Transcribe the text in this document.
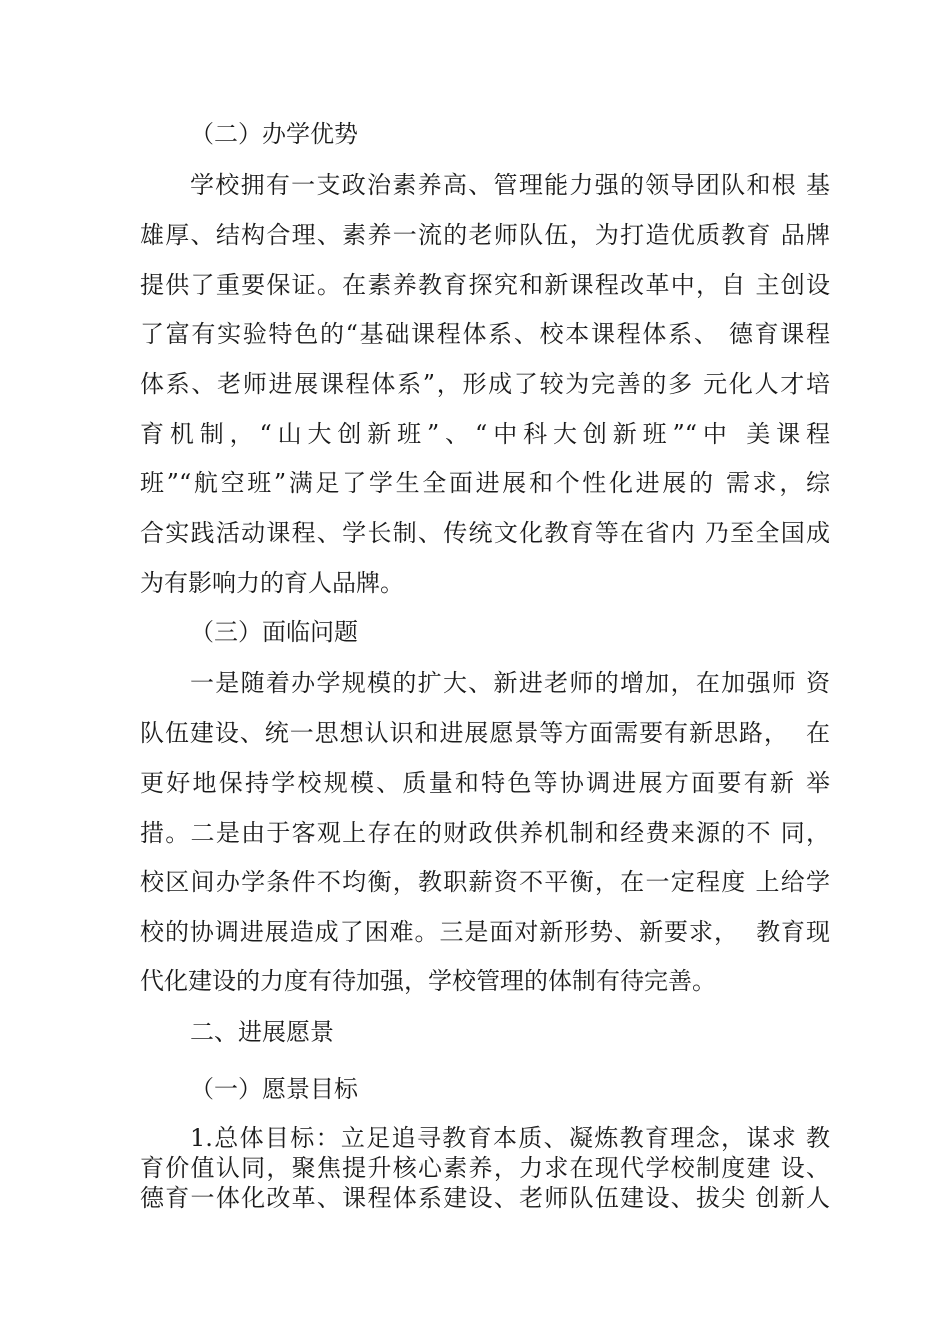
（二）办学优势

学校拥有一支政治素养高、管理能力强的领导团队和根 基

雄厚、结构合理、素养一流的老师队伍，为打造优质教育 品牌

提供了重要保证。在素养教育探究和新课程改革中，自 主创设

了富有实验特色的“基础课程体系、校本课程体系、 德育课程

体系、老师进展课程体系”，形成了较为完善的多 元化人才培

育机制，“山大创新班”、“中科大创新班”“中 美课程

班”“航空班”满足了学生全面进展和个性化进展的 需求，综

合实践活动课程、学长制、传统文化教育等在省内 乃至全国成

为有影响力的育人品牌。

（三）面临问题

一是随着办学规模的扩大、新进老师的增加，在加强师 资

队伍建设、统一思想认识和进展愿景等方面需要有新思路，  在

更好地保持学校规模、质量和特色等协调进展方面要有新 举

措。二是由于客观上存在的财政供养机制和经费来源的不 同，

校区间办学条件不均衡，教职薪资不平衡，在一定程度 上给学

校的协调进展造成了困难。三是面对新形势、新要求，  教育现

代化建设的力度有待加强，学校管理的体制有待完善。

二、进展愿景

（一）愿景目标

1.总体目标：立足追寻教育本质、凝炼教育理念，谋求 教

育价值认同，聚焦提升核心素养，力求在现代学校制度建 设、

德育一体化改革、课程体系建设、老师队伍建设、拔尖 创新人
